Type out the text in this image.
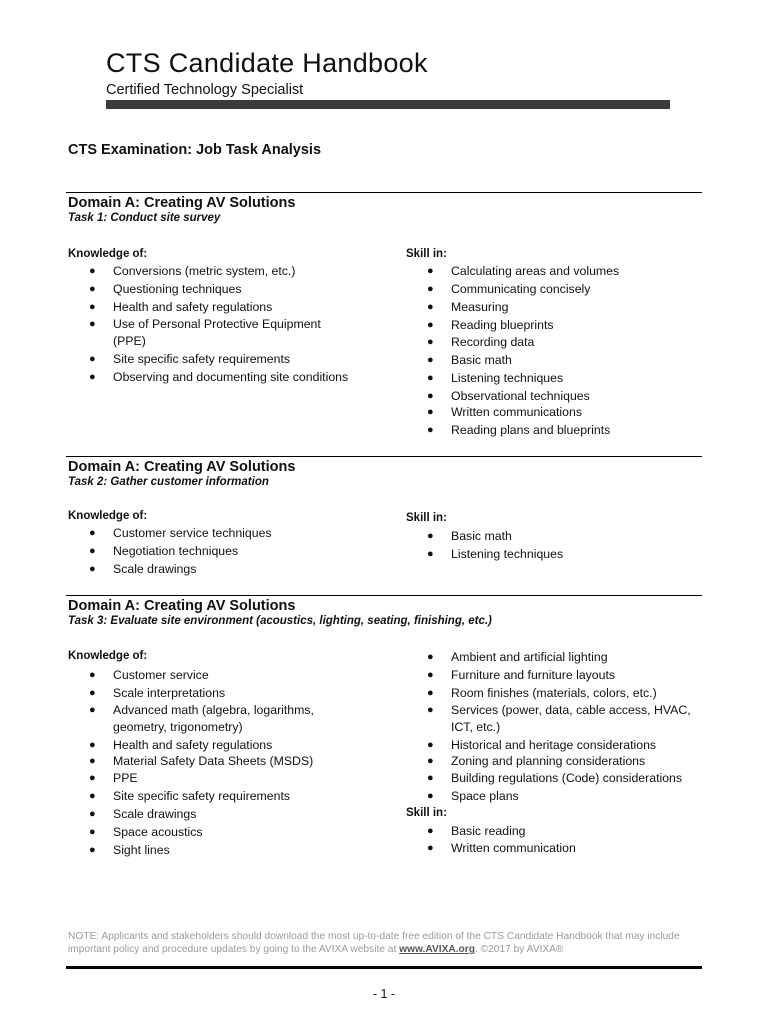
CTS Candidate Handbook
Certified Technology Specialist
CTS Examination: Job Task Analysis
Domain A: Creating AV Solutions
Task 1: Conduct site survey
Knowledge of:
● Conversions (metric system, etc.)
● Questioning techniques
● Health and safety regulations
● Use of Personal Protective Equipment
(PPE)
● Site specific safety requirements
● Observing and documenting site conditions
Skill in:
● Calculating areas and volumes
● Communicating concisely
● Measuring
● Reading blueprints
● Recording data
● Basic math
● Listening techniques
● Observational techniques
● Written communications
● Reading plans and blueprints
Domain A: Creating AV Solutions
Task 2: Gather customer information
Knowledge of:
● Customer service techniques
● Negotiation techniques
● Scale drawings
Skill in:
● Basic math
● Listening techniques
Domain A: Creating AV Solutions
Task 3: Evaluate site environment (acoustics, lighting, seating, finishing, etc.)
Knowledge of:
● Customer service
● Scale interpretations
● Advanced math (algebra, logarithms,
geometry, trigonometry)
● Health and safety regulations
● Material Safety Data Sheets (MSDS)
● PPE
● Site specific safety requirements
● Scale drawings
● Space acoustics
● Sight lines
● Ambient and artificial lighting
● Furniture and furniture layouts
● Room finishes (materials, colors, etc.)
● Services (power, data, cable access, HVAC,
ICT, etc.)
● Historical and heritage considerations
● Zoning and planning considerations
● Building regulations (Code) considerations
● Space plans
Skill in:
● Basic reading
● Written communication
NOTE: Applicants and stakeholders should download the most up-to-date free edition of the CTS Candidate Handbook that may include
important policy and procedure updates by going to the AVIXA website at www.AVIXA.org. ©2017 by AVIXA®
- 1 -
